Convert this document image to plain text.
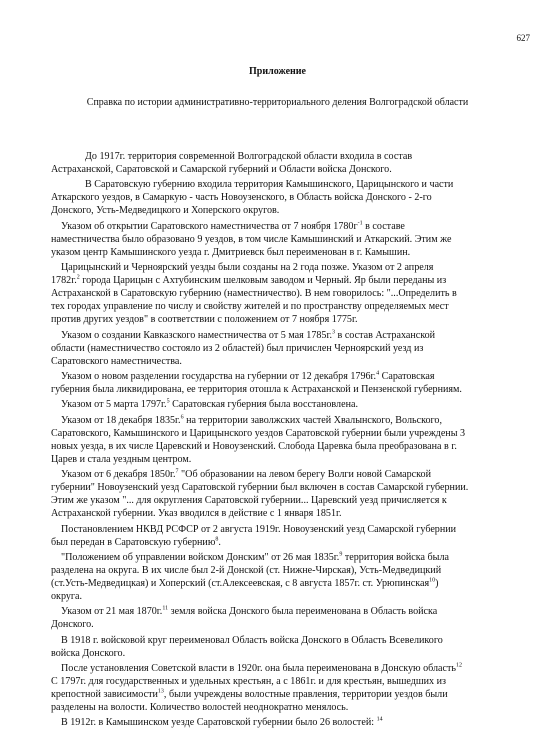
627
Приложение
Справка по истории административно-территориального деления Волгоградской области
До 1917г. территория современной Волгоградской области входила в состав
Астраханской, Саратовской и Самарской губерний и Области войска Донского.
В Саратовскую губернию входила территория Камышинского, Царицынского и части
Аткарского уездов, в Самаркую - часть Новоузенского, в Область войска Донского - 2-го
Донского, Усть-Медведицкого и Хоперского округов.
Указом об открытии Саратовского наместничества от 7 ноября $1780г^{-1}$ в составе
наместничества было образовано 9 уездов, в том числе Камышинский и Аткарский. Этим же
указом центр Камышинского уезда г. Дмитриевск был переименован в г. Камышин.
Царицынский и Черноярский уезды были созданы на 2 года позже. Указом от 2 апреля
1782г.$^2$ города Царицын с Ахтубинским шелковым заводом и Черный. Яр были переданы из
Астраханской в Саратовскую губернию (наместничество). В нем говорилось: "...Определить в
тех городах управление по числу и свойству жителей и по пространству определяемых мест
против других уездов" в соответствии с положением от 7 ноября 1775г.
Указом о создании Кавказского наместничества от 5 мая 1785г.$^3$ в состав Астраханской
области (наместничество состояло из 2 областей) был причислен Черноярский уезд из
Саратовского наместничества.
Указом о новом разделении государства на губернии от 12 декабря 1796г.$^4$ Саратовская
губерния была ликвидирована, ее территория отошла к Астраханской и Пензенской губерниям.
Указом от 5 марта 1797г.$^5$ Саратовская губерния была восстановлена.
Указом от 18 декабря 1835г.$^6$ на территории заволжских частей Хвалынского, Вольского,
Саратовского, Камышинского и Царицынского уездов Саратовской губернии были учреждены 3
новых уезда, в их числе Царевский и Новоузенский. Слобода Царевка была преобразована в г.
Царев и стала уездным центром.
Указом от 6 декабря 1850г.$^7$ "Об образовании на левом берегу Волги новой Самарской
губернии" Новоузенский уезд Саратовской губернии был включен в состав Самарской губернии.
Этим же указом "... для округления Саратовской губернии... Царевский уезд причисляется к
Астраханской губернии. Указ вводился в действие с 1 января 1851г.
Постановлением НКВД РСФСР от 2 августа 1919г. Новоузенский уезд Самарской губернии
был передан в Саратовскую губернию$^8$.
"Положением об управлении войском Донским" от 26 мая 1835г.$^9$ территория войска была
разделена на округа. В их числе был 2-й Донской (ст. Нижне-Чирская), Усть-Медведицкий
(ст.Усть-Медведицкая) и Хоперский (ст.Алексеевская, с 8 августа 1857г. ст. Урюпинская$^{10}$)
округа.
Указом от 21 мая 1870г.$^{11}$ земля войска Донского была переименована в Область войска
Донского.
В 1918 г. войсковой круг переименовал Область войска Донского в Область Всевеликого
войска Донского.
После установления Советской власти в 1920г. она была переименована в Донскую область$^{12}$
С 1797г. для государственных и удельных крестьян, а с 1861г. и для крестьян, вышедших из
крепостной зависимости$^{13}$, были учреждены волостные правления, территории уездов были
разделены на волости. Количество волостей неоднократно менялось.
В 1912г. в Камышинском уезде Саратовской губернии было 26 волостей: $^{14}$
